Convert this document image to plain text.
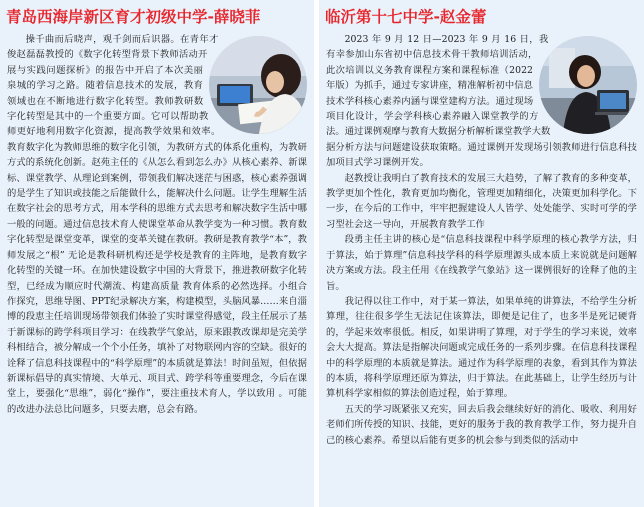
青岛西海岸新区育才初级中学-薛晓菲

操千曲而后晓声，观千剑而后识器。在青年才俊赵磊磊教授的《数字化转型背景下教师活动开展与实践问题探析》的报告中开启了本次美丽泉城的学习之路。随着信息技术的发展，教育领域也在不断地进行数字化转型。教师教研数字化转型是其中的一个重要方面。它可以帮助教师更好地利用数字化资源，提高教学效果和效率。教育数字化为教师思维的数字化引领，为教研方式的体系化重构，为教研方式的系统化创新。赵苑主任的《从怎么看到怎么办》从核心素养、新课标、课堂教学、从理论到案例，带领我们解决迷茫与困惑，核心素养强调的是学生了知识或技能之后能做什么，能解决什么问题。让学生理解生活在数字社会的思考方式，用本学科的思维方式去思考和解决数字生活中哪一般的问题。通过信息技术育人使课堂革命从教学变为一种习惯。教育数字化转型是课堂变革，课堂的变革关键在教研。教研是教育教学“本”，教师发展之“根” 无论是教科研机构还是学校是教育的主阵地，是教育数字化转型的关键一环。在加快建设数字中国的大背景下，推进教研数字化转型，已经成为顺应时代潮流、构建高质量 教育体系的必然选择。小组合作探究，思维导图、PPT纪录解决方案，构建模型，头脑风暴……来自淄博的段恵主任培训现场带领我们体验了实时课堂得感觉，段主任展示了基于新课标的跨学科项目学习：在线教学气象站，原来跟教改课却是完美学科相结合，被分解成一个个小任务，填补了对物联网内容的空缺。很好的诠释了信息科技课程中的“科学原理”的本质就是算法！时间虽短，但依据新课标倡导的真实情境、大单元、项目式、跨学科等重要理念，今后在课堂上，要强化“思维”，弱化“操作”，要注重技术育人，学以致用 。可能的改进办法总比问题多，只要去磨，总会有路。

临沂第十七中学-赵金蕾

2023 年 9 月 12 日—2023 年 9 月 16 日，我有幸参加山东省初中信息技术骨干教师培训活动，此次培训以义务教育课程方案和课程标准（2022 年版）为抓手，通过专家讲座，精准解析初中信息技术学科核心素养内涵与课堂建构方法。通过现场项目化设计，学会学科核心素养融入课堂教学的方法。通过课例观摩与教育大数据分析解析课堂教学大数据分析方法与问题建设获取策略。通过课例开发现场引领教师进行信息科技加项目式学习课例开发。

赵教授让我明白了教育技术的发展三大趋势，了解了教育的多种变革，教学更加个性化，教育更加均衡化，管理更加精细化，决策更加科学化。下一步，在今后的工作中，牢牢把握建设人人皆学、处处能学、实时可学的学习型社会这一导向，开展教育教学工作

段勇主任主讲的核心是“信息科技课程中科学原理的核心教学方法，归于算法，始于算理”信息科技学科的科学原理源头成本质上来说就是问题解决方案或方法。段主任用《在线教学气象站》这一课例很好的诠释了他的主旨。

我记得以往工作中，对于某一算法，如果单纯的讲算法，不给学生分析算理，往往很多学生无法记住该算法，即便是记住了，也多半是死记硬背的，学起来效率很低。相反，如果讲明了算理，对于学生的学习来说，效率会大大提高。算法是指解决问题或完成任务的一系列步骤。在信息科技课程中的科学原理的本质就是算法。通过作为科学原理的表象，看到其作为算法的本质，将科学原理还原为算法，归于算法。在此基础上，让学生经历与计算机科学家相似的算法创造过程，始于算理。

五天的学习既紧张又充实，回去后我会继续好好的消化、吸收、利用好老师们所传授的知识、技能，更好的服务于我的教育教学工作，努力提升自己的核心素养。希望以后能有更多的机会参与到类似的活动中
